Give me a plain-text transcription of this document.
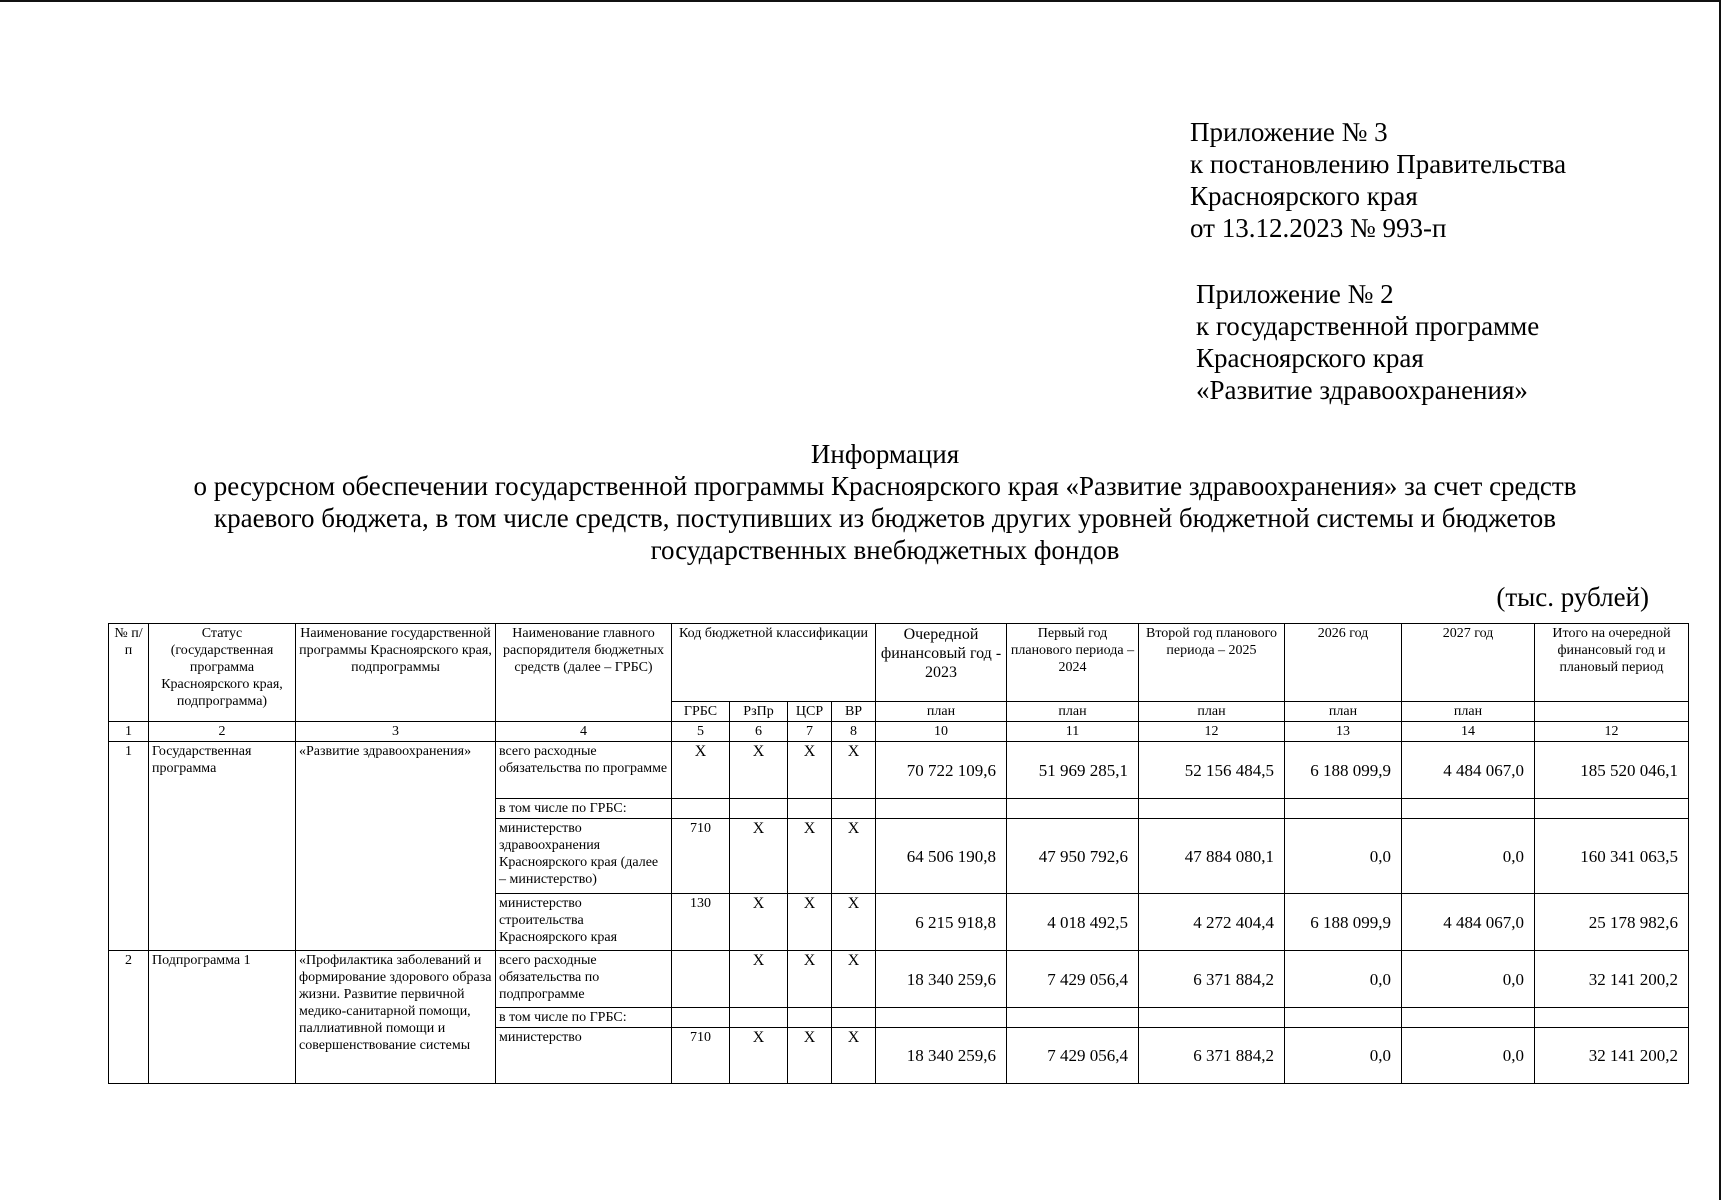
Приложение № 3
к постановлению Правительства
Красноярского края
от 13.12.2023 № 993-п
Приложение № 2
к государственной программе
Красноярского края
«Развитие здравоохранения»
Информация
о ресурсном обеспечении государственной программы Красноярского края «Развитие здравоохранения» за счет средств
краевого бюджета, в том числе средств, поступивших из бюджетов других уровней бюджетной системы и бюджетов
государственных внебюджетных фондов
(тыс. рублей)
№ п/п	Статус (государственная программа Красноярского края, подпрограмма)	Наименование государственной программы Красноярского края, подпрограммы	Наименование главного распорядителя бюджетных средств (далее – ГРБС)	Код бюджетной классификации				Очередной финансовый год - 2023	Первый год планового периода – 2024	Второй год планового периода – 2025	2026 год	2027 год	Итого на очередной финансовый год и плановый период
				ГРБС	РзПр	ЦСР	ВР	план	план	план	план	план	
1	2	3	4	5	6	7	8	10	11	12	13	14	12
1	Государственная программа	«Развитие здравоохранения»	всего расходные обязательства по программе	X	X	X	X	70 722 109,6	51 969 285,1	52 156 484,5	6 188 099,9	4 484 067,0	185 520 046,1
			в том числе по ГРБС:										
			министерство здравоохранения Красноярского края (далее – министерство)	710	X	X	X	64 506 190,8	47 950 792,6	47 884 080,1	0,0	0,0	160 341 063,5
			министерство строительства Красноярского края	130	X	X	X	6 215 918,8	4 018 492,5	4 272 404,4	6 188 099,9	4 484 067,0	25 178 982,6
2	Подпрограмма 1	«Профилактика заболеваний и формирование здорового образа жизни. Развитие первичной медико-санитарной помощи, паллиативной помощи и совершенствование системы	всего расходные обязательства по подпрограмме		X	X	X	18 340 259,6	7 429 056,4	6 371 884,2	0,0	0,0	32 141 200,2
			в том числе по ГРБС:										
			министерство	710	X	X	X	18 340 259,6	7 429 056,4	6 371 884,2	0,0	0,0	32 141 200,2
